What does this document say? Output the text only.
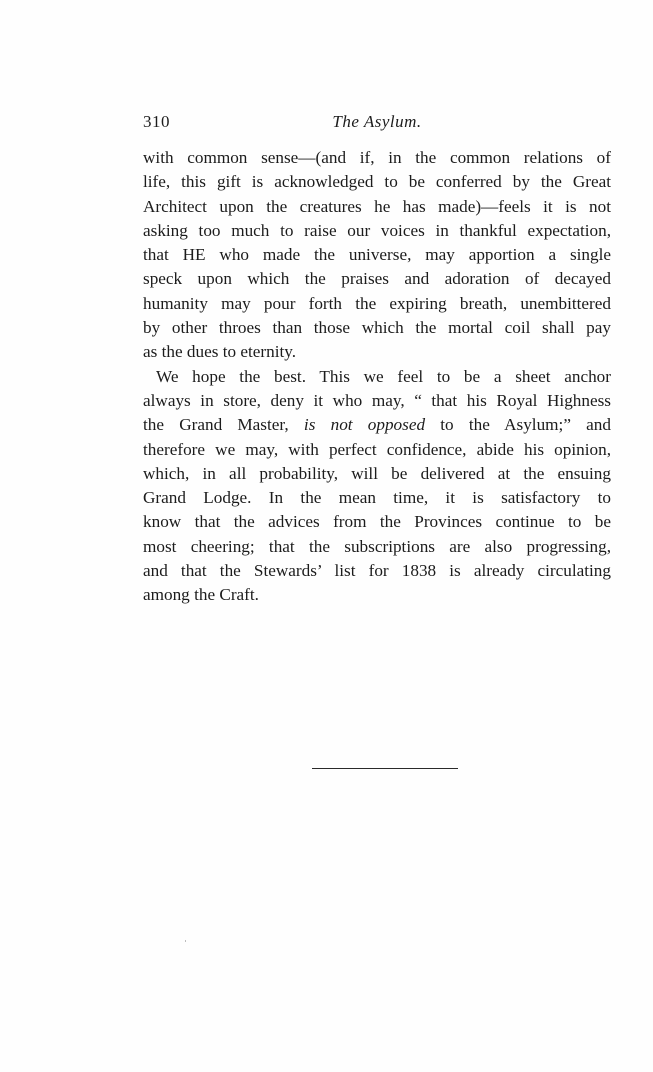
310	The Asylum.
with common sense—(and if, in the common relations of
life, this gift is acknowledged to be conferred by the Great
Architect upon the creatures he has made)—feels it is not
asking too much to raise our voices in thankful expectation,
that HE who made the universe, may apportion a single
speck upon which the praises and adoration of decayed
humanity may pour forth the expiring breath, unembittered
by other throes than those which the mortal coil shall pay
as the dues to eternity.
We hope the best. This we feel to be a sheet anchor
always in store, deny it who may, “ that his Royal Highness
the Grand Master, is not opposed to the Asylum;” and
therefore we may, with perfect confidence, abide his opinion,
which, in all probability, will be delivered at the ensuing
Grand Lodge. In the mean time, it is satisfactory to
know that the advices from the Provinces continue to be
most cheering; that the subscriptions are also progressing,
and that the Stewards’ list for 1838 is already circulating
among the Craft.
